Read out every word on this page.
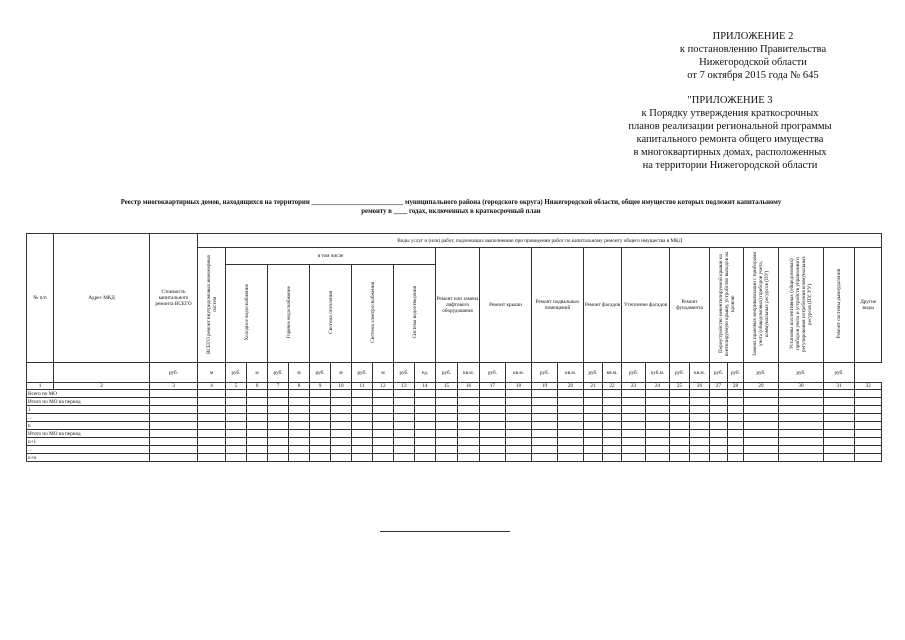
ПРИЛОЖЕНИЕ 2
к постановлению Правительства
Нижегородской области
от 7 октября 2015 года № 645
"ПРИЛОЖЕНИЕ 3
к Порядку утверждения краткосрочных
планов реализации региональной программы
капитального ремонта общего имущества
в многоквартирных домах, расположенных
на территории Нижегородской области
Реестр многоквартирных домов, находящихся на территории ___________________________ муниципального района (городского округа) Нижегородской области, общее имущество которых подлежит капитальному
ремонту в ____ годах, включенных в краткосрочный план
№ п/п	Адрес МКД	Стоимость капитального ремонта ВСЕГО	Виды услуг и (или) работ, подлежащих выполнению при проведении работ по капитальному ремонту общего имущества в МКД																												
			ВСЕГО ремонт внутридомовых инженерных систем	в том числе										Ремонт или замена лифтового оборудования		Ремонт крыши		Ремонт подвальных помещений		Ремонт фасадов		Утепление фасадов		Ремонт фундамента		Переустройство невентилируемой крыши на вентилируемую крышу, устройство выходов на кровлю		Замена правовых неприватизации с приборами учета (общедомовых) приборов учета, коммунальных ресурсов (ПУ)	Установка коллективных (общедомовых) приборов учета и устройств управления и регулирования потребления коммунальных ресурсов (ПУ, УУ)	Ремонт системы дымоудаления	Другие виды
				Холодное водоснабжение		Горячее водоснабжение		Система отопления		Система электроснабжения		Система водоотведения																			
		руб.	м	руб.	м	руб.	м	руб.	м	руб.	м	руб.	ед.	руб.	кв.м.	руб.	кв.м.	руб.	кв.м.	руб.	кв.м.	руб.	куб.м.	руб.	кв.м.	руб.	руб.	руб.	руб.	руб.	
1	2	3	4	5	6	7	8	9	10	11	12	13	14	15	16	17	18	19	20	21	22	23	24	25	26	27	28	29	30	31	32
Всего по МО																															
Итого по МО на период																															
1																															
...																															
n																															
Итого по МО на период																															
n+1																															
...																															
n+n																															
